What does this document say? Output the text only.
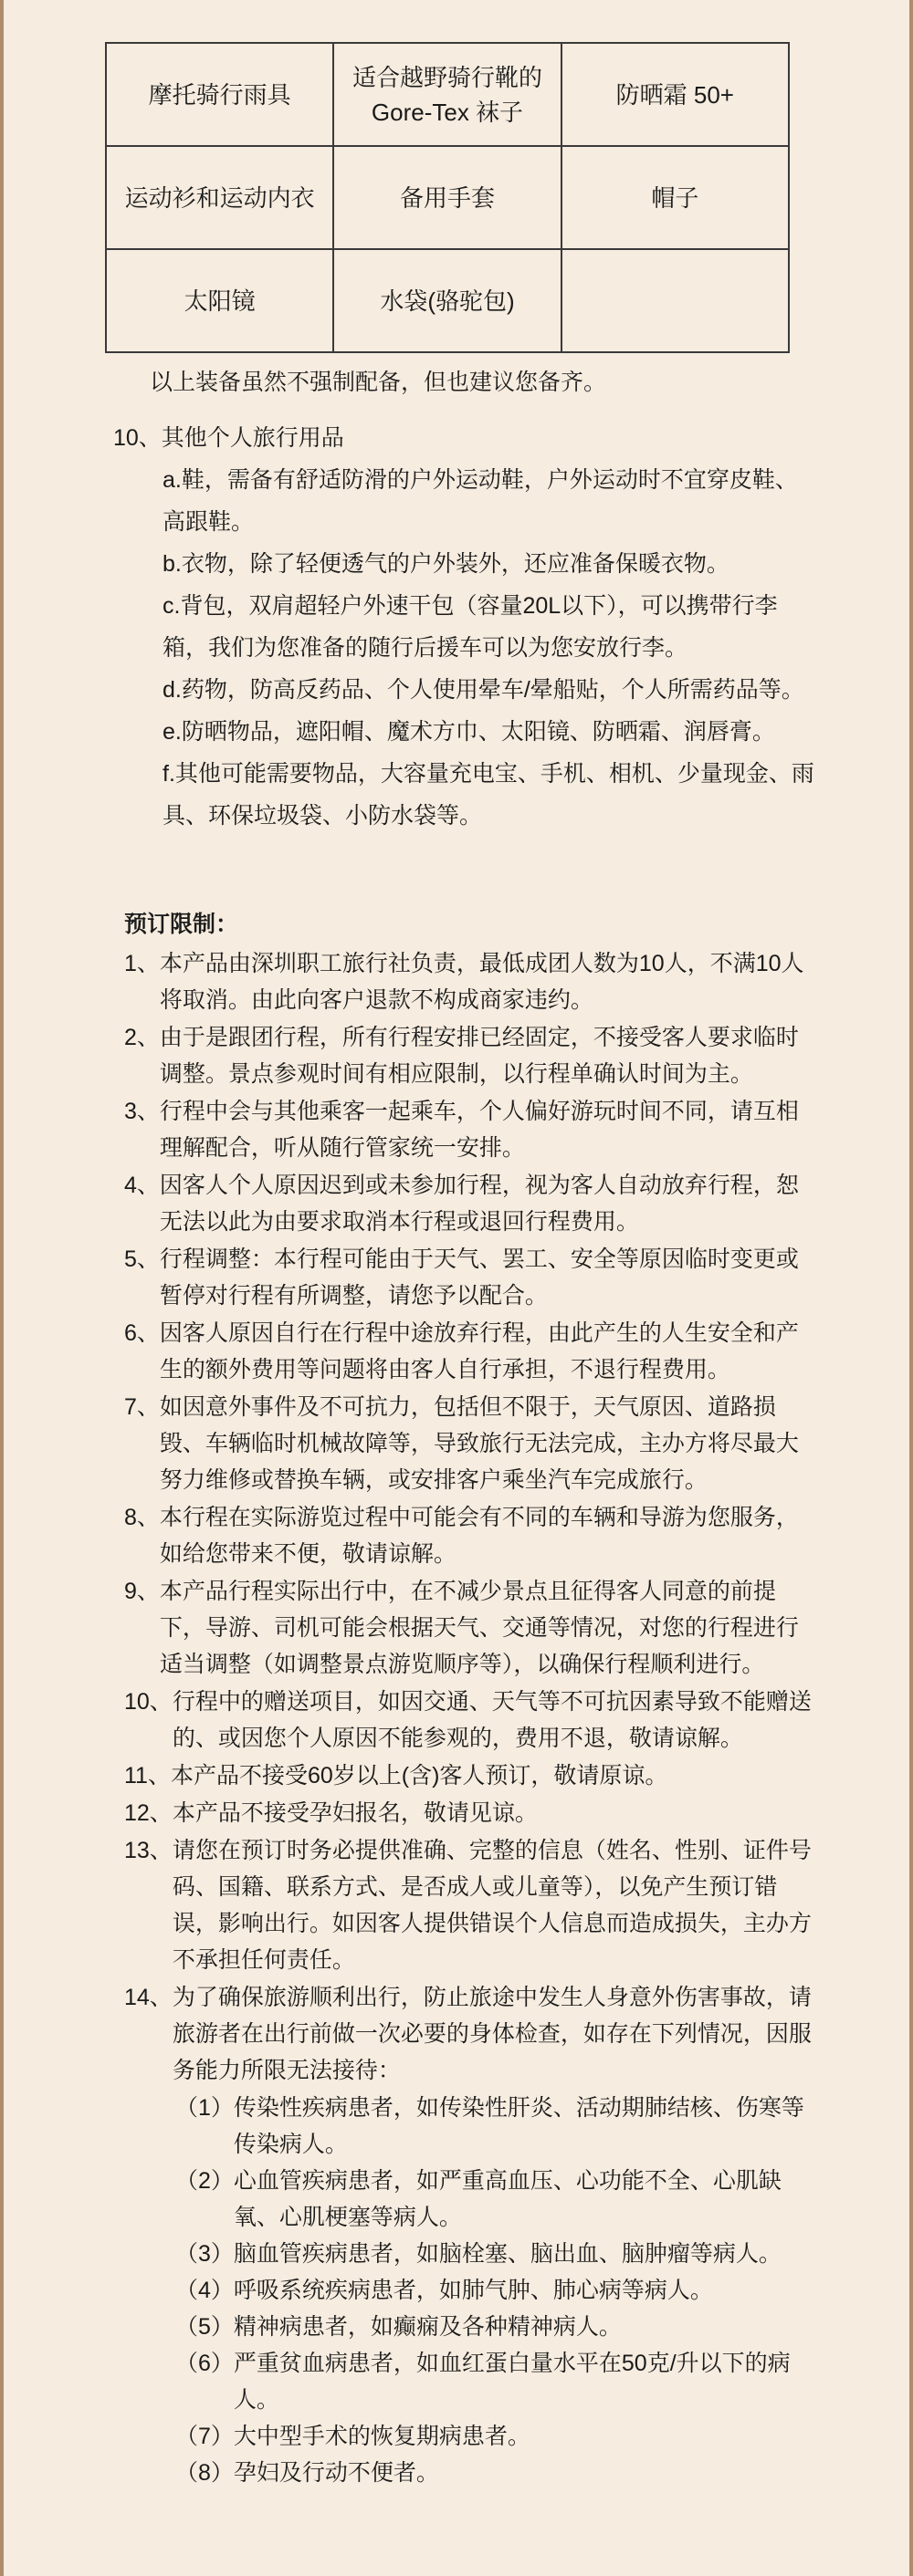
摩托骑行雨具	适合越野骑行靴的 Gore-Tex 袜子	防晒霜 50+
运动衫和运动内衣	备用手套	帽子
太阳镜	水袋(骆驼包)	
以上装备虽然不强制配备，但也建议您备齐。
10、其他个人旅行用品
a.鞋，需备有舒适防滑的户外运动鞋，户外运动时不宜穿皮鞋、高跟鞋。
b.衣物，除了轻便透气的户外装外，还应准备保暖衣物。
c.背包，双肩超轻户外速干包（容量20L以下），可以携带行李箱，我们为您准备的随行后援车可以为您安放行李。
d.药物，防高反药品、个人使用晕车/晕船贴，个人所需药品等。
e.防晒物品，遮阳帽、魔术方巾、太阳镜、防晒霜、润唇膏。
f.其他可能需要物品，大容量充电宝、手机、相机、少量现金、雨具、环保垃圾袋、小防水袋等。
预订限制：
1、 本产品由深圳职工旅行社负责，最低成团人数为10人，不满10人将取消。由此向客户退款不构成商家违约。
2、 由于是跟团行程，所有行程安排已经固定，不接受客人要求临时调整。景点参观时间有相应限制，以行程单确认时间为主。
3、 行程中会与其他乘客一起乘车，个人偏好游玩时间不同，请互相理解配合，听从随行管家统一安排。
4、 因客人个人原因迟到或未参加行程，视为客人自动放弃行程，恕无法以此为由要求取消本行程或退回行程费用。
5、 行程调整：本行程可能由于天气、罢工、安全等原因临时变更或暂停对行程有所调整，请您予以配合。
6、 因客人原因自行在行程中途放弃行程，由此产生的人生安全和产生的额外费用等问题将由客人自行承担，不退行程费用。
7、 如因意外事件及不可抗力，包括但不限于，天气原因、道路损毁、车辆临时机械故障等，导致旅行无法完成，主办方将尽最大努力维修或替换车辆，或安排客户乘坐汽车完成旅行。
8、 本行程在实际游览过程中可能会有不同的车辆和导游为您服务，如给您带来不便，敬请谅解。
9、 本产品行程实际出行中，在不减少景点且征得客人同意的前提下，导游、司机可能会根据天气、交通等情况，对您的行程进行适当调整（如调整景点游览顺序等），以确保行程顺利进行。
10、 行程中的赠送项目，如因交通、天气等不可抗因素导致不能赠送的、或因您个人原因不能参观的，费用不退，敬请谅解。
11、 本产品不接受60岁以上(含)客人预订，敬请原谅。
12、 本产品不接受孕妇报名，敬请见谅。
13、 请您在预订时务必提供准确、完整的信息（姓名、性别、证件号码、国籍、联系方式、是否成人或儿童等），以免产生预订错误，影响出行。如因客人提供错误个人信息而造成损失，主办方不承担任何责任。
14、 为了确保旅游顺利出行，防止旅途中发生人身意外伤害事故，请旅游者在出行前做一次必要的身体检查，如存在下列情况，因服务能力所限无法接待：
（1） 传染性疾病患者，如传染性肝炎、活动期肺结核、伤寒等传染病人。
（2） 心血管疾病患者，如严重高血压、心功能不全、心肌缺氧、心肌梗塞等病人。
（3） 脑血管疾病患者，如脑栓塞、脑出血、脑肿瘤等病人。
（4） 呼吸系统疾病患者，如肺气肿、肺心病等病人。
（5） 精神病患者，如癫痫及各种精神病人。
（6） 严重贫血病患者，如血红蛋白量水平在50克/升以下的病人。
（7） 大中型手术的恢复期病患者。
（8） 孕妇及行动不便者。
